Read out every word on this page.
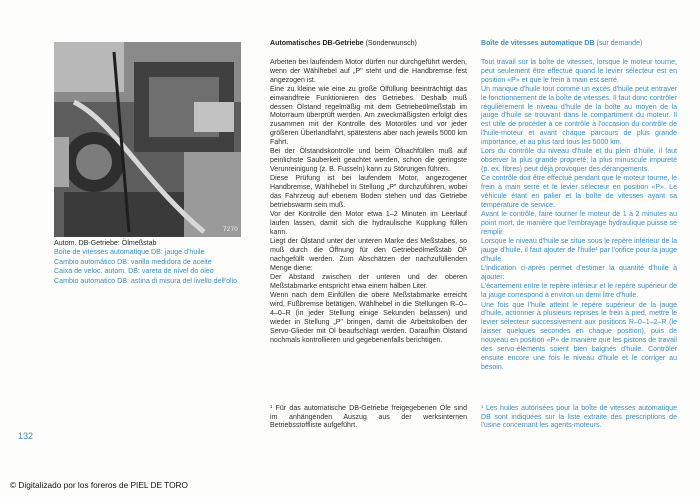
7270
Autom. DB-Getriebe: Ölmeßstab
Boîte de vitesses automatique DB: jauge d'huile
Cambio automático DB: varilla medidora de aceite
Caixa de veloc. autom. DB: vareta de nível do óleo
Cambio automatico DB: astina di misura del livello dell'olio
132
Automatisches DB-Getriebe (Sonderwunsch)

Arbeiten bei laufendem Motor dürfen nur durchgeführt werden, wenn der Wählhebel auf „P" steht und die Handbremse fest angezogen ist.

Eine zu kleine wie eine zu große Ölfüllung beeinträchtigt das einwandfreie Funktionieren des Getriebes. Deshalb muß dessen Ölstand regelmäßig mit dem Getriebeölmeßstab im Motorraum überprüft werden. Am zweckmäßigsten erfolgt dies zusammen mit der Kontrolle des Motoröles und vor jeder größeren Überlandfahrt, spätestens aber nach jeweils 5000 km Fahrt.

Bei der Ölstandskontrolle und beim Ölnachfüllen muß auf peinlichste Sauberkeit geachtet werden, schon die geringste Verunreinigung (z. B. Fusseln) kann zu Störungen führen.

Diese Prüfung ist bei laufendem Motor, angezogener Handbremse, Wählhebel in Stellung „P" durchzuführen, wobei das Fahrzeug auf ebenem Boden stehen und das Getriebe betriebswarm sein muß.

Vor der Kontrolle den Motor etwa 1–2 Minuten im Leerlauf laufen lassen, damit sich die hydraulische Kupplung füllen kann.

Liegt der Ölstand unter der unteren Marke des Meßstabes, so muß durch die Öffnung für den Getriebeölmeßstab Öl¹ nachgefüllt werden. Zum Abschätzen der nachzufüllenden Menge diene:

Der Abstand zwischen der unteren und der oberen Meßstabmarke entspricht etwa einem halben Liter.

Wenn nach dem Einfüllen die obere Meßstabmarke erreicht wird, Fußbremse betätigen, Wählhebel in die Stellungen R–0–4–0–R (in jeder Stellung einige Sekunden belassen) und wieder in Stellung „P" bringen, damit die Arbeitskolben der Servo-Glieder mit Öl beaufschlagt werden. Daraufhin Ölstand nochmals kontrollieren und gegebenenfalls berichtigen.

Boîte de vitesses automatique DB (sur demande)

Tout travail sur la boîte de vitesses, lorsque le moteur tourne, peut seulement être effectué quand le levier sélecteur est en position «P» et que le frein à main est serré.

Un manque d'huile tout comme un excès d'huile peut entraver le fonctionnement de la boîte de vitesses. Il faut donc contrôler régulièrement le niveau d'huile de la boîte au moyen de la jauge d'huile se trouvant dans le compartiment du moteur. Il est utile de procéder à ce contrôle à l'occasion du contrôle de l'huile-moteur et avant chaque parcours de plus grande importance, et au plus tard tous les 5000 km.

Lors du contrôle du niveau d'huile et du plein d'huile, il faut observer la plus grande propreté; la plus minuscule impureté (p. ex. fibres) peut déjà provoquer des dérangements.

Ce contrôle doit être effectué pendant que le moteur tourne, le frein à main serré et le levier sélecteur en position «P». Le véhicule étant en palier et la boîte de vitesses ayant sa température de service.

Avant le contrôle, faire tourner le moteur de 1 à 2 minutes au point mort, de manière que l'embrayage hydraulique puisse se remplir.

Lorsque le niveau d'huile se situe sous le repère inférieur de la jauge d'huile, il faut ajouter de l'huile¹ par l'orifice pour la jauge d'huile.

L'indication ci-après permet d'estimer la quantité d'huile à ajouter:

L'écartement entre le repère inférieur et le repère supérieur de la jauge correspond à environ un demi litre d'huile.

Une fois que l'huile atteint le repère supérieur de la jauge d'huile, actionner à plusieurs reprises le frein à pied, mettre le levier sélecteur successivement aux positions R–0–1–2–R (le laisser quelques secondes en chaque position), puis de nouveau en position «P» de manière que les pistons de travail des servo-éléments soient bien baignés d'huile. Contrôler ensuite encore une fois le niveau d'huile et le corriger au besoin.

¹ Für das automatische DB-Getriebe freigegebenen Öle sind im anhängenden Auszug aus der werksinternen Betriebsstoffliste aufgeführt.

¹ Les huiles autorisées pour la boîte de vitesses automatique DB sont indiquées sur la liste extraite des prescriptions de l'usine concernant les agents-moteurs.

© Digitalizado por los foreros de PIEL DE TORO
